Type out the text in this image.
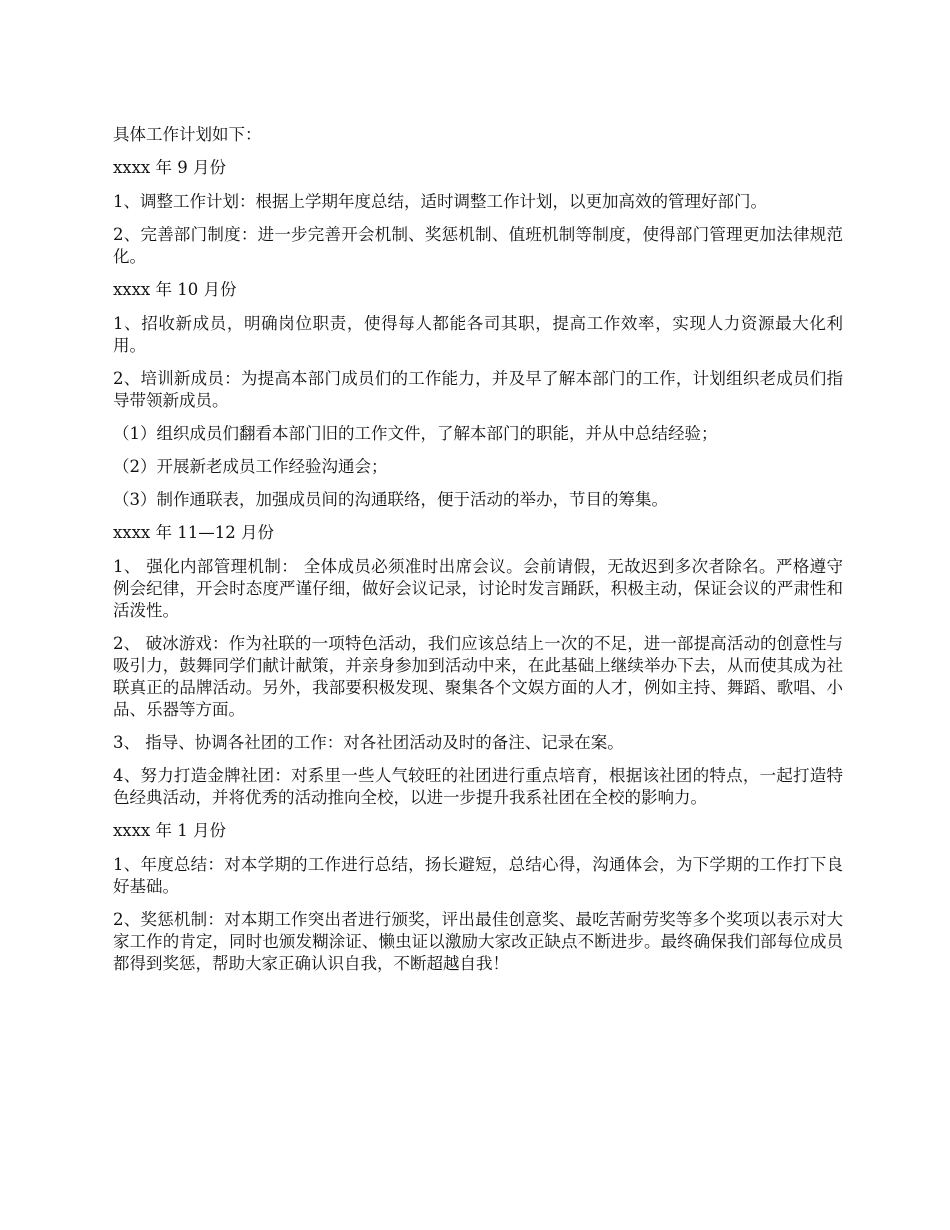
具体工作计划如下：

xxxx 年 9 月份

1、调整工作计划：根据上学期年度总结，适时调整工作计划，以更加高效的管理好部门。

2、完善部门制度：进一步完善开会机制、奖惩机制、值班机制等制度，使得部门管理更加法律规范化。

xxxx 年 10 月份

1、招收新成员，明确岗位职责，使得每人都能各司其职，提高工作效率，实现人力资源最大化利用。

2、培训新成员：为提高本部门成员们的工作能力，并及早了解本部门的工作，计划组织老成员们指导带领新成员。

（1）组织成员们翻看本部门旧的工作文件，了解本部门的职能，并从中总结经验；

（2）开展新老成员工作经验沟通会；

（3）制作通联表，加强成员间的沟通联络，便于活动的举办，节目的筹集。

xxxx 年 11—12 月份

1、 强化内部管理机制： 全体成员必须准时出席会议。会前请假，无故迟到多次者除名。严格遵守例会纪律，开会时态度严谨仔细，做好会议记录，讨论时发言踊跃，积极主动，保证会议的严肃性和活泼性。

2、 破冰游戏：作为社联的一项特色活动，我们应该总结上一次的不足，进一部提高活动的创意性与吸引力，鼓舞同学们献计献策，并亲身参加到活动中来，在此基础上继续举办下去，从而使其成为社联真正的品牌活动。另外，我部要积极发现、聚集各个文娱方面的人才，例如主持、舞蹈、歌唱、小品、乐器等方面。

3、 指导、协调各社团的工作：对各社团活动及时的备注、记录在案。

4、努力打造金牌社团：对系里一些人气较旺的社团进行重点培育，根据该社团的特点，一起打造特色经典活动，并将优秀的活动推向全校，以进一步提升我系社团在全校的影响力。

xxxx 年 1 月份

1、年度总结：对本学期的工作进行总结，扬长避短，总结心得，沟通体会，为下学期的工作打下良好基础。

2、奖惩机制：对本期工作突出者进行颁奖，评出最佳创意奖、最吃苦耐劳奖等多个奖项以表示对大家工作的肯定，同时也颁发糊涂证、懒虫证以激励大家改正缺点不断进步。最终确保我们部每位成员都得到奖惩，帮助大家正确认识自我，不断超越自我！
